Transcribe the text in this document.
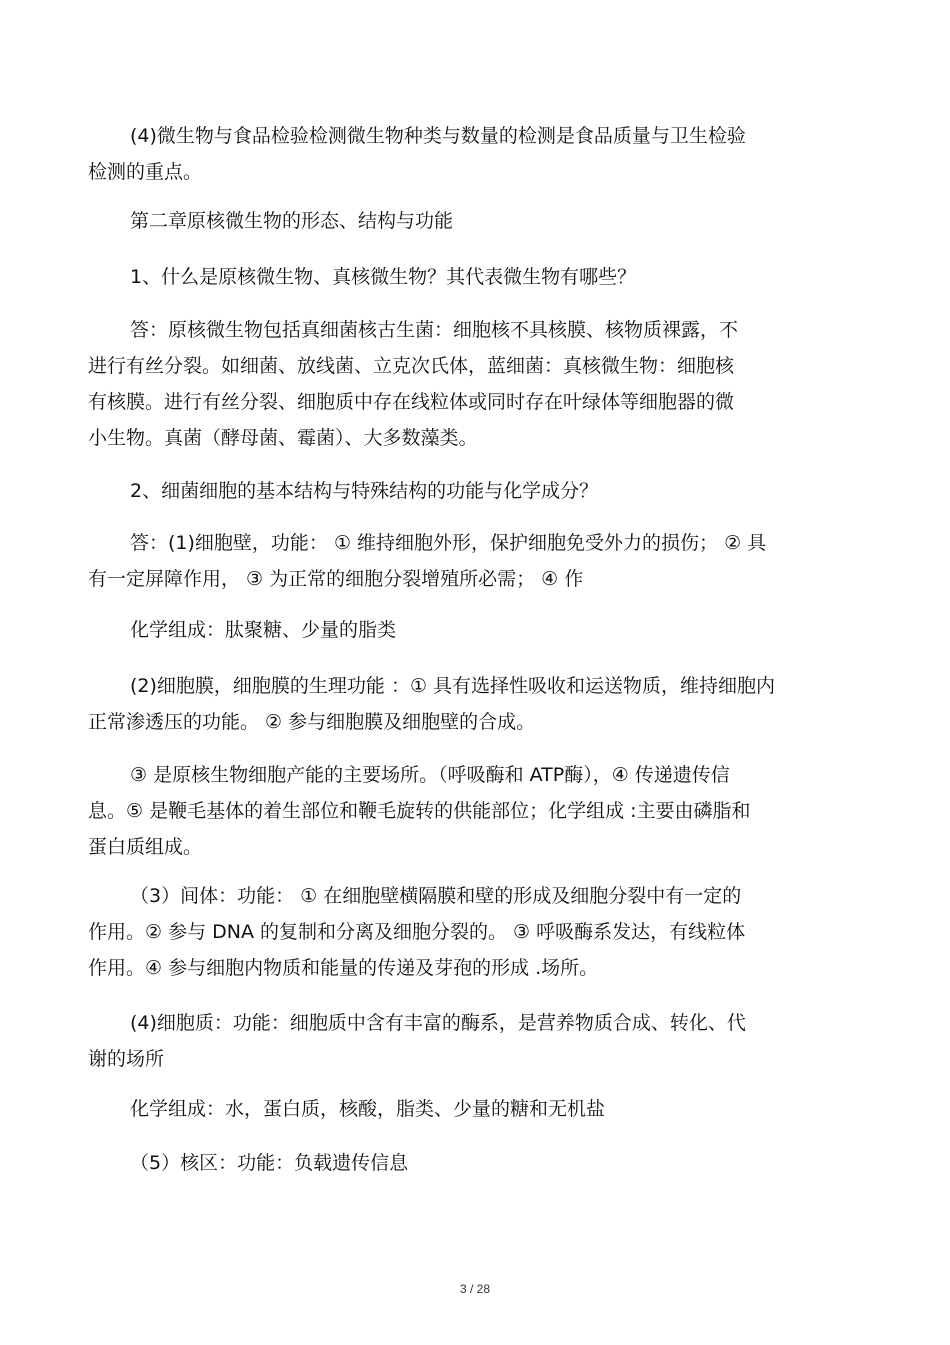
(4)微生物与食品检验检测微生物种类与数量的检测是食品质量与卫生检验
检测的重点。
第二章原核微生物的形态、结构与功能
1、什么是原核微生物、真核微生物？其代表微生物有哪些？
答：原核微生物包括真细菌核古生菌：细胞核不具核膜、核物质裸露，不
进行有丝分裂。如细菌、放线菌、立克次氏体，蓝细菌：真核微生物：细胞核
有核膜。进行有丝分裂、细胞质中存在线粒体或同时存在叶绿体等细胞器的微
小生物。真菌（酵母菌、霉菌）、大多数藻类。
2、细菌细胞的基本结构与特殊结构的功能与化学成分？
答：(1)细胞壁，功能： ① 维持细胞外形，保护细胞免受外力的损伤； ② 具
有一定屏障作用， ③ 为正常的细胞分裂增殖所必需； ④ 作
化学组成：肽聚糖、少量的脂类
(2)细胞膜，细胞膜的生理功能 ：① 具有选择性吸收和运送物质，维持细胞内
正常渗透压的功能。 ② 参与细胞膜及细胞壁的合成。
③ 是原核生物细胞产能的主要场所。（呼吸酶和 ATP酶），④ 传递遗传信
息。⑤ 是鞭毛基体的着生部位和鞭毛旋转的供能部位；化学组成 :主要由磷脂和
蛋白质组成。
（3）间体：功能： ① 在细胞壁横隔膜和壁的形成及细胞分裂中有一定的
作用。② 参与 DNA 的复制和分离及细胞分裂的。 ③ 呼吸酶系发达，有线粒体
作用。④ 参与细胞内物质和能量的传递及芽孢的形成 .场所。
(4)细胞质：功能：细胞质中含有丰富的酶系，是营养物质合成、转化、代
谢的场所
化学组成：水，蛋白质，核酸，脂类、少量的糖和无机盐
（5）核区：功能：负载遗传信息
3 / 28
